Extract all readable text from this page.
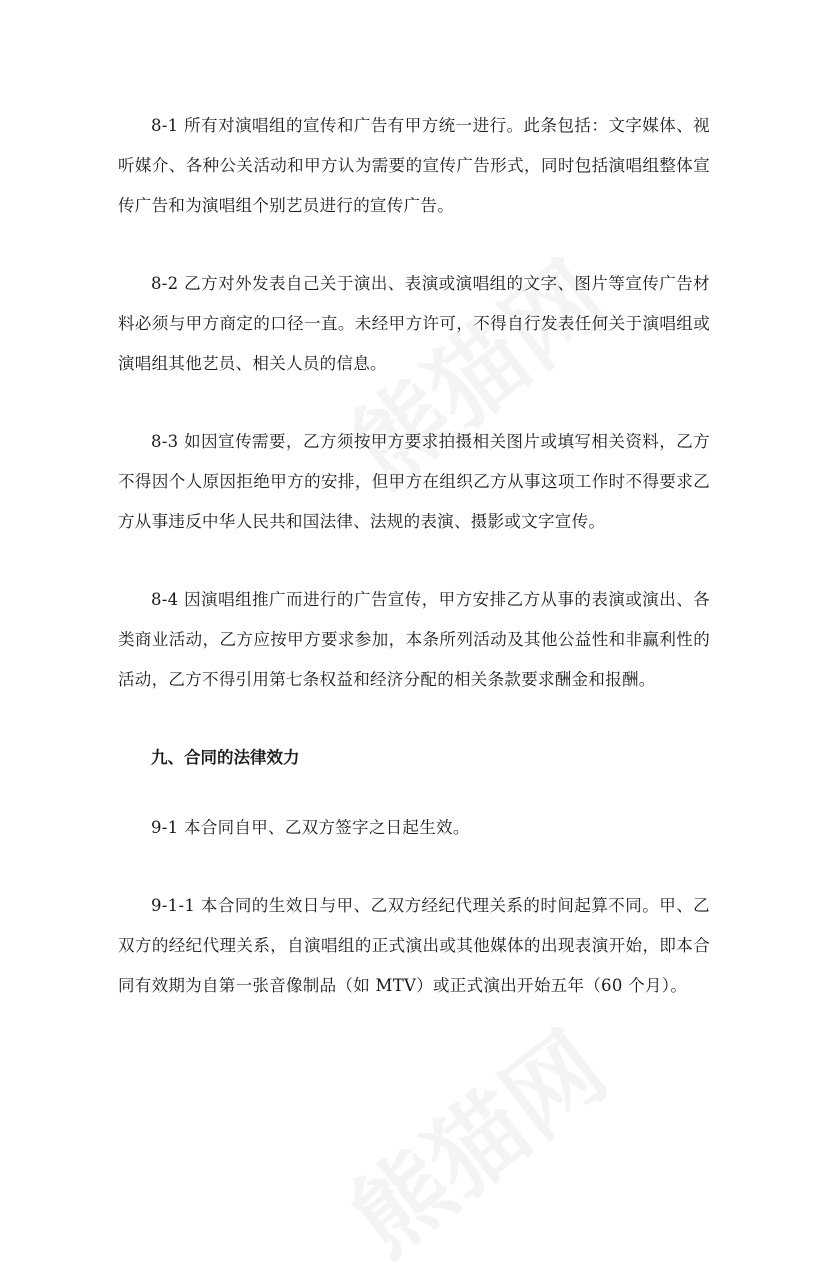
8-1 所有对演唱组的宣传和广告有甲方统一进行。此条包括：文字媒体、视听媒介、各种公关活动和甲方认为需要的宣传广告形式，同时包括演唱组整体宣传广告和为演唱组个别艺员进行的宣传广告。

8-2 乙方对外发表自己关于演出、表演或演唱组的文字、图片等宣传广告材料必须与甲方商定的口径一直。未经甲方许可，不得自行发表任何关于演唱组或演唱组其他艺员、相关人员的信息。

8-3 如因宣传需要，乙方须按甲方要求拍摄相关图片或填写相关资料，乙方不得因个人原因拒绝甲方的安排，但甲方在组织乙方从事这项工作时不得要求乙方从事违反中华人民共和国法律、法规的表演、摄影或文字宣传。

8-4 因演唱组推广而进行的广告宣传，甲方安排乙方从事的表演或演出、各类商业活动，乙方应按甲方要求参加，本条所列活动及其他公益性和非赢利性的活动，乙方不得引用第七条权益和经济分配的相关条款要求酬金和报酬。

九、合同的法律效力

9-1 本合同自甲、乙双方签字之日起生效。

9-1-1 本合同的生效日与甲、乙双方经纪代理关系的时间起算不同。甲、乙双方的经纪代理关系，自演唱组的正式演出或其他媒体的出现表演开始，即本合同有效期为自第一张音像制品（如 MTV）或正式演出开始五年（60 个月）。
